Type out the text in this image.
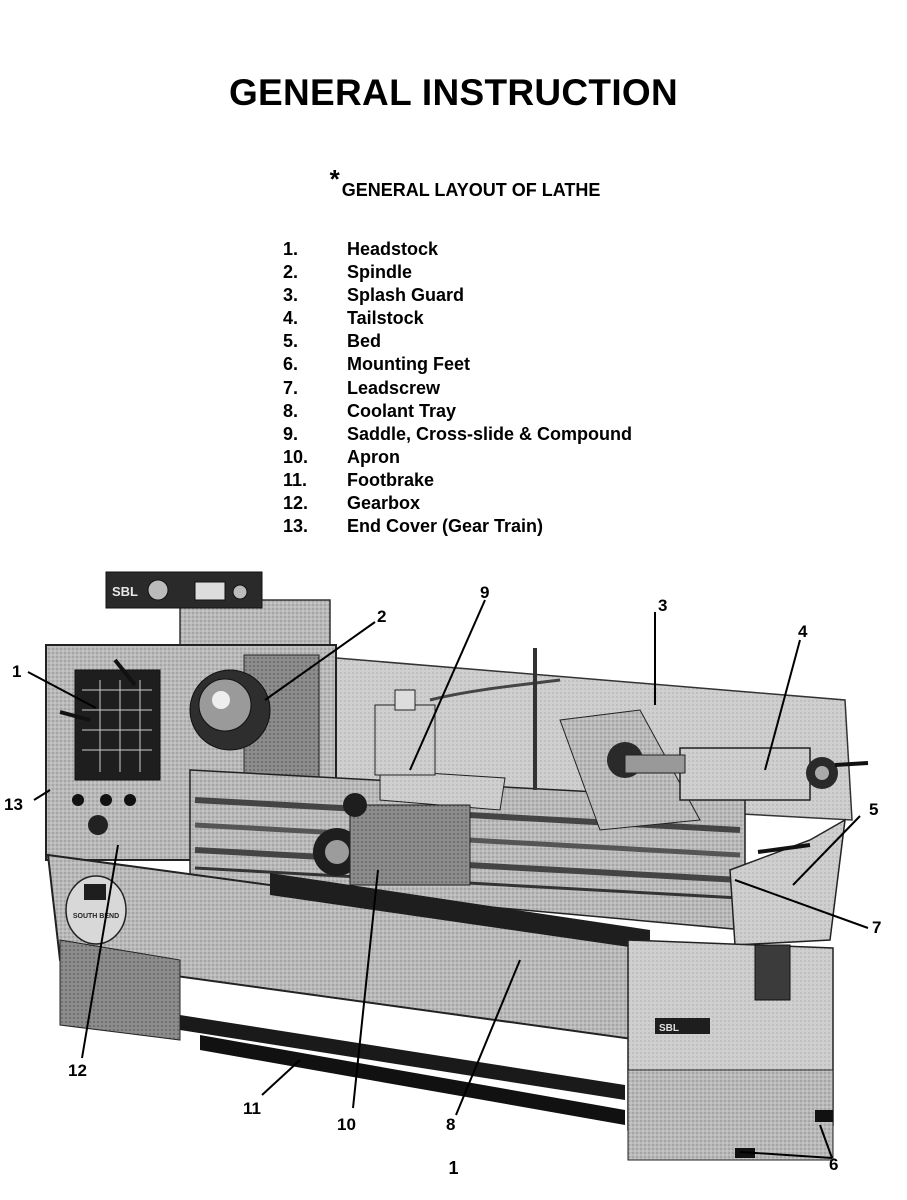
GENERAL INSTRUCTION
* GENERAL LAYOUT OF LATHE
1.	Headstock
2.	Spindle
3.	Splash Guard
4.	Tailstock
5.	Bed
6.	Mounting Feet
7.	Leadscrew
8.	Coolant Tray
9.	Saddle, Cross-slide & Compound
10.	Apron
11.	Footbrake
12.	Gearbox
13.	End Cover (Gear Train)
SBL
SBL
SOUTH BEND
1
2
3
4
5
6
7
8
9
10
11
12
13
1
